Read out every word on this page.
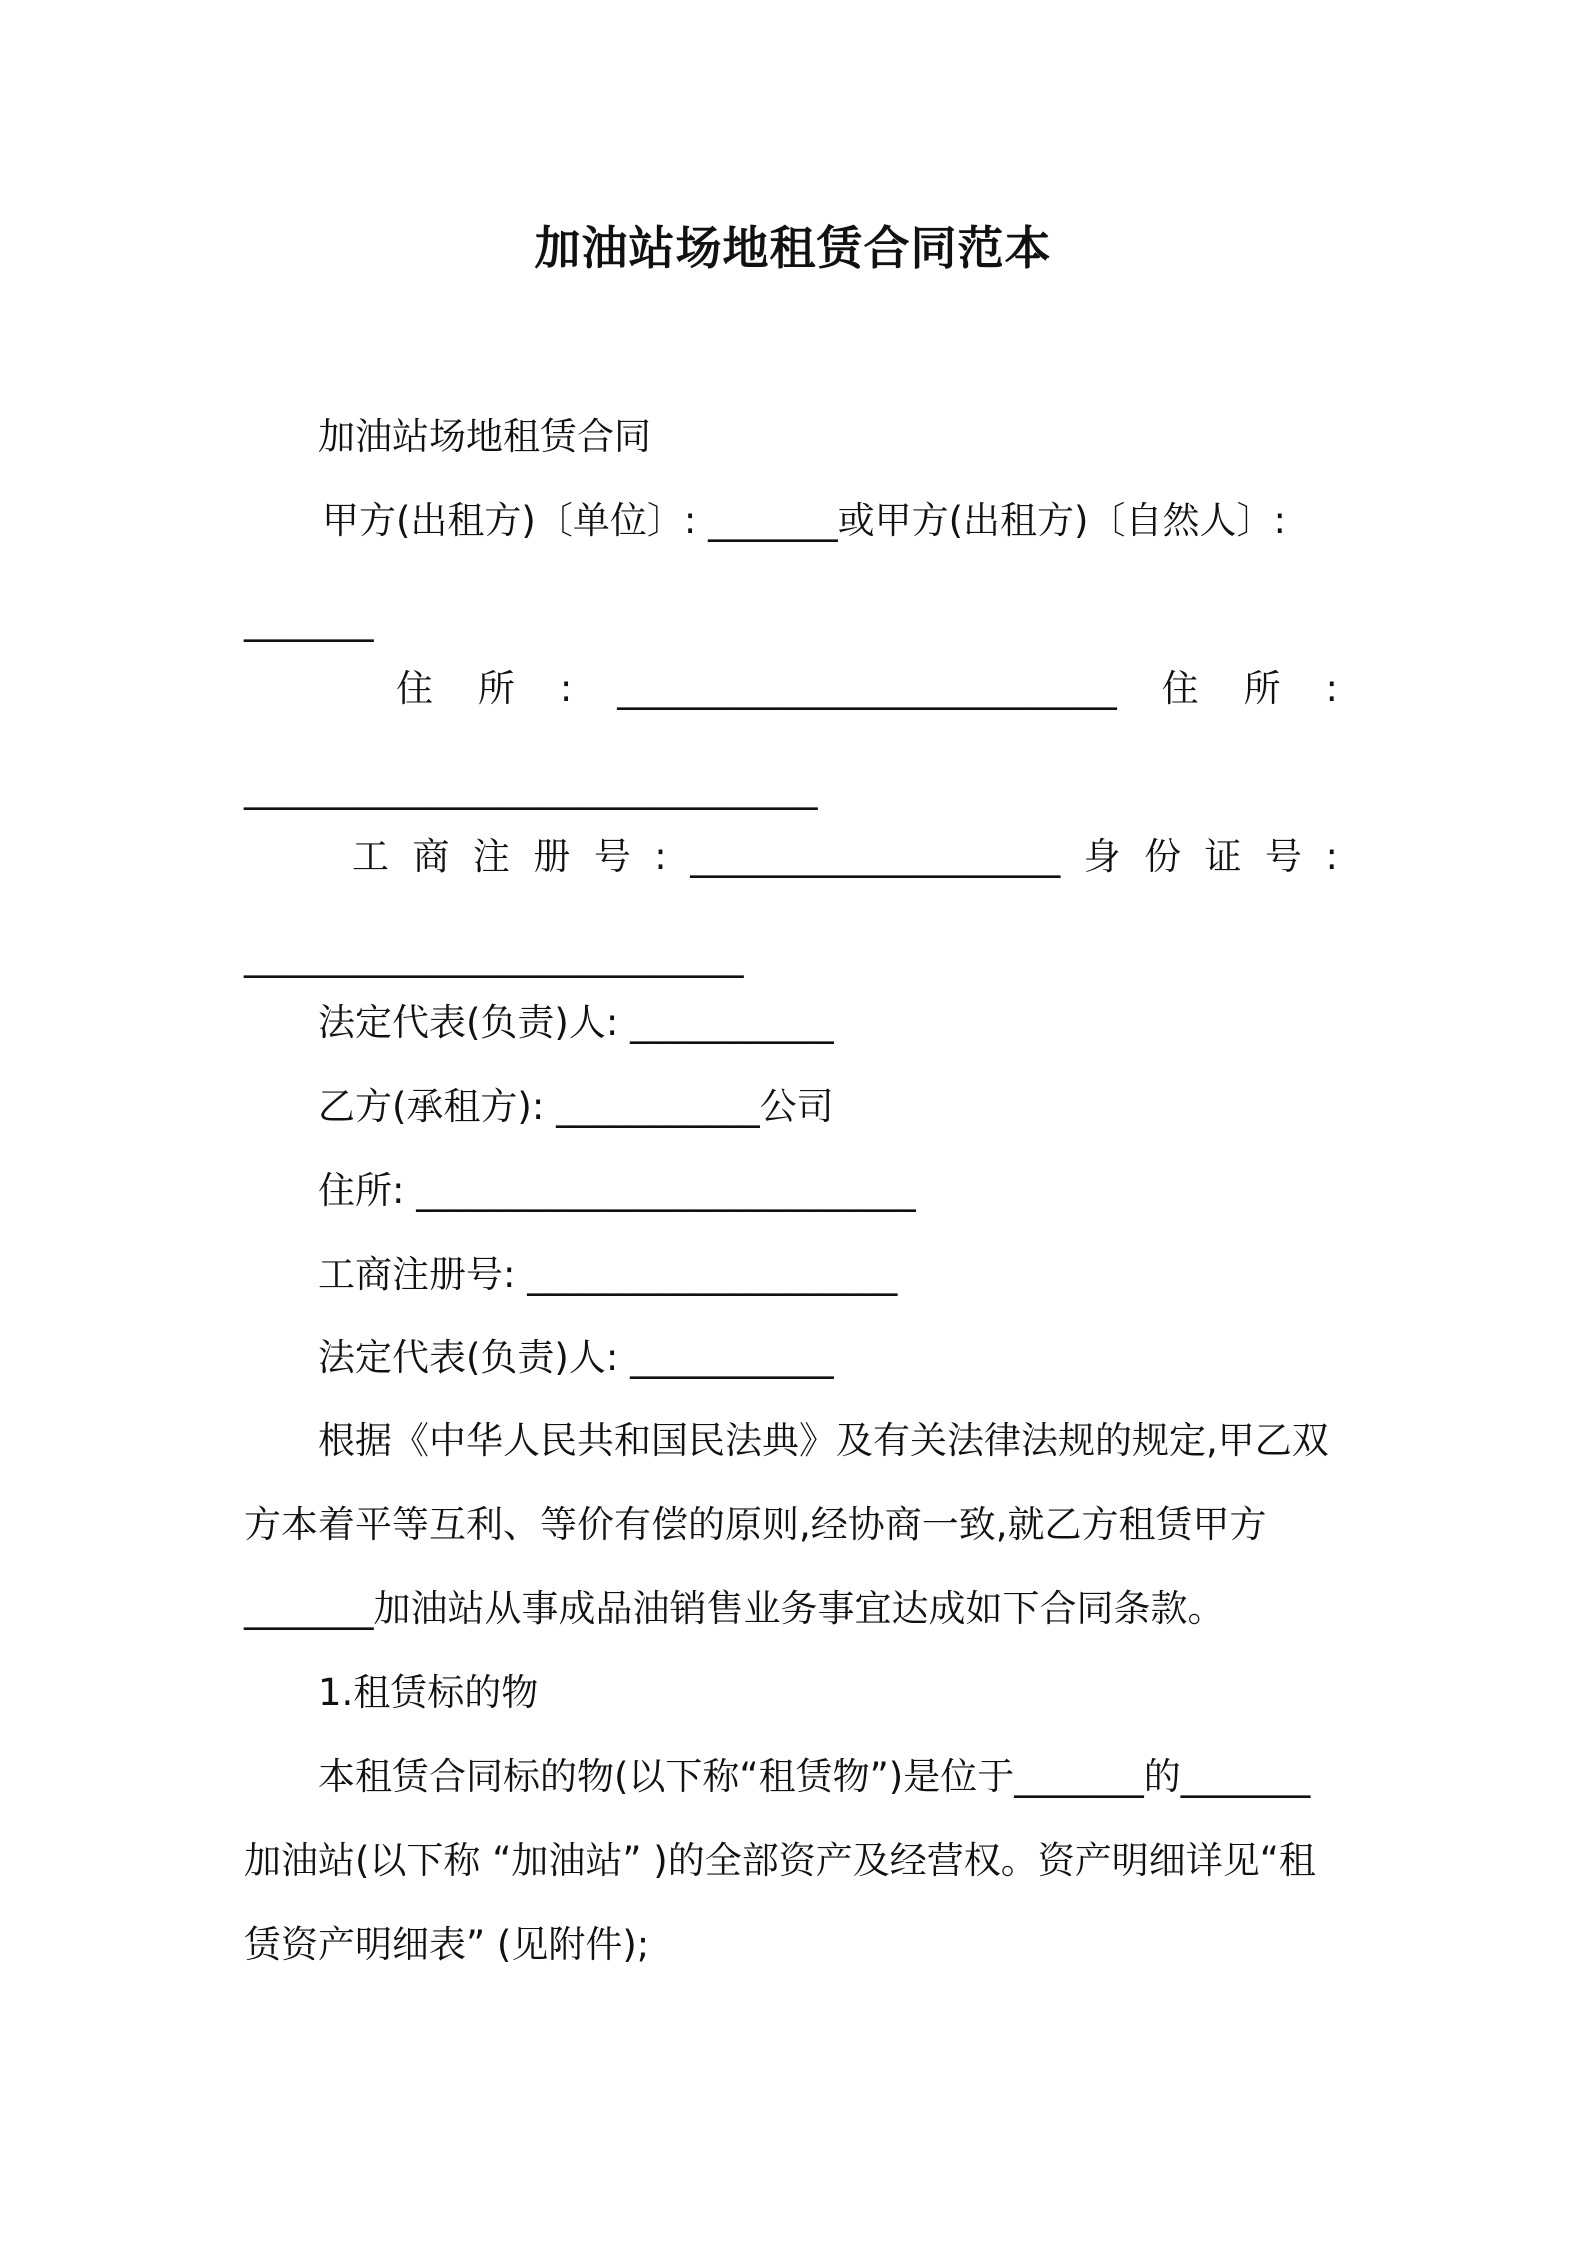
加油站场地租赁合同范本
加油站场地租赁合同
甲方(出租方)〔单位〕: _______或甲方(出租方)〔自然人〕:
_______
住 所 : ___________________________ 住 所 :
_______________________________
工 商 注 册 号 : ____________________ 身 份 证 号 :
___________________________
法定代表(负责)人: ___________
乙方(承租方): ___________公司
住所: ___________________________
工商注册号: ____________________
法定代表(负责)人: ___________
根据《中华人民共和国民法典》及有关法律法规的规定,甲乙双
方本着平等互利、等价有偿的原则,经协商一致,就乙方租赁甲方
_______加油站从事成品油销售业务事宜达成如下合同条款。
1.租赁标的物
本租赁合同标的物(以下称“租赁物”)是位于_______的_______
加油站(以下称 “加油站” )的全部资产及经营权。资产明细详见“租
赁资产明细表” (见附件);
